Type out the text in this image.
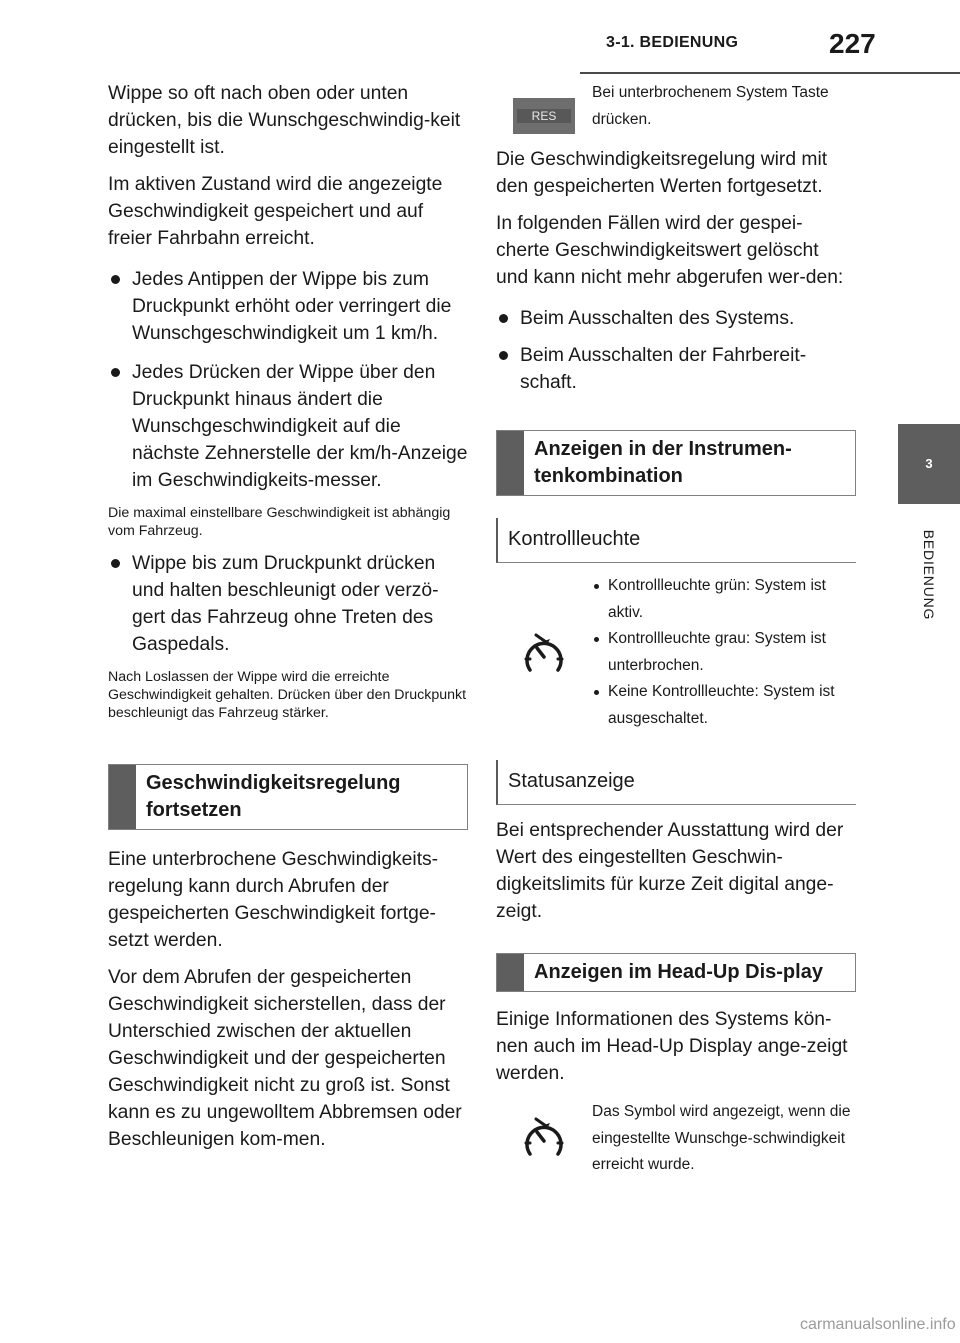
3-1. BEDIENUNG	227
3
BEDIENUNG

Wippe so oft nach oben oder unten drücken, bis die Wunschgeschwindig-keit eingestellt ist.

Im aktiven Zustand wird die angezeigte Geschwindigkeit gespeichert und auf freier Fahrbahn erreicht.

Jedes Antippen der Wippe bis zum Druckpunkt erhöht oder verringert die Wunschgeschwindigkeit um 1 km/h.

Jedes Drücken der Wippe über den Druckpunkt hinaus ändert die Wunschgeschwindigkeit auf die nächste Zehnerstelle der km/h-Anzeige im Geschwindigkeits-messer.

Die maximal einstellbare Geschwindigkeit ist abhängig vom Fahrzeug.

Wippe bis zum Druckpunkt drücken und halten beschleunigt oder verzö-gert das Fahrzeug ohne Treten des Gaspedals.

Nach Loslassen der Wippe wird die erreichte Geschwindigkeit gehalten. Drücken über den Druckpunkt beschleunigt das Fahrzeug stärker.

Geschwindigkeitsregelung fortsetzen

Eine unterbrochene Geschwindigkeits-regelung kann durch Abrufen der gespeicherten Geschwindigkeit fortge-setzt werden.

Vor dem Abrufen der gespeicherten Geschwindigkeit sicherstellen, dass der Unterschied zwischen der aktuellen Geschwindigkeit und der gespeicherten Geschwindigkeit nicht zu groß ist. Sonst kann es zu ungewolltem Abbremsen oder Beschleunigen kom-men.

RES
Bei unterbrochenem System Taste drücken.

Die Geschwindigkeitsregelung wird mit den gespeicherten Werten fortgesetzt.

In folgenden Fällen wird der gespei-cherte Geschwindigkeitswert gelöscht und kann nicht mehr abgerufen wer-den:

Beim Ausschalten des Systems.

Beim Ausschalten der Fahrbereit-schaft.

Anzeigen in der Instrumen-tenkombination
Kontrollleuchte
Kontrollleuchte grün: System ist aktiv.
Kontrollleuchte grau: System ist unterbrochen.
Keine Kontrollleuchte: System ist ausgeschaltet.
Statusanzeige

Bei entsprechender Ausstattung wird der Wert des eingestellten Geschwin-digkeitslimits für kurze Zeit digital ange-zeigt.

Anzeigen im Head-Up Dis-play

Einige Informationen des Systems kön-nen auch im Head-Up Display ange-zeigt werden.

Das Symbol wird angezeigt, wenn die eingestellte Wunschge-schwindigkeit erreicht wurde.
carmanualsonline.info
